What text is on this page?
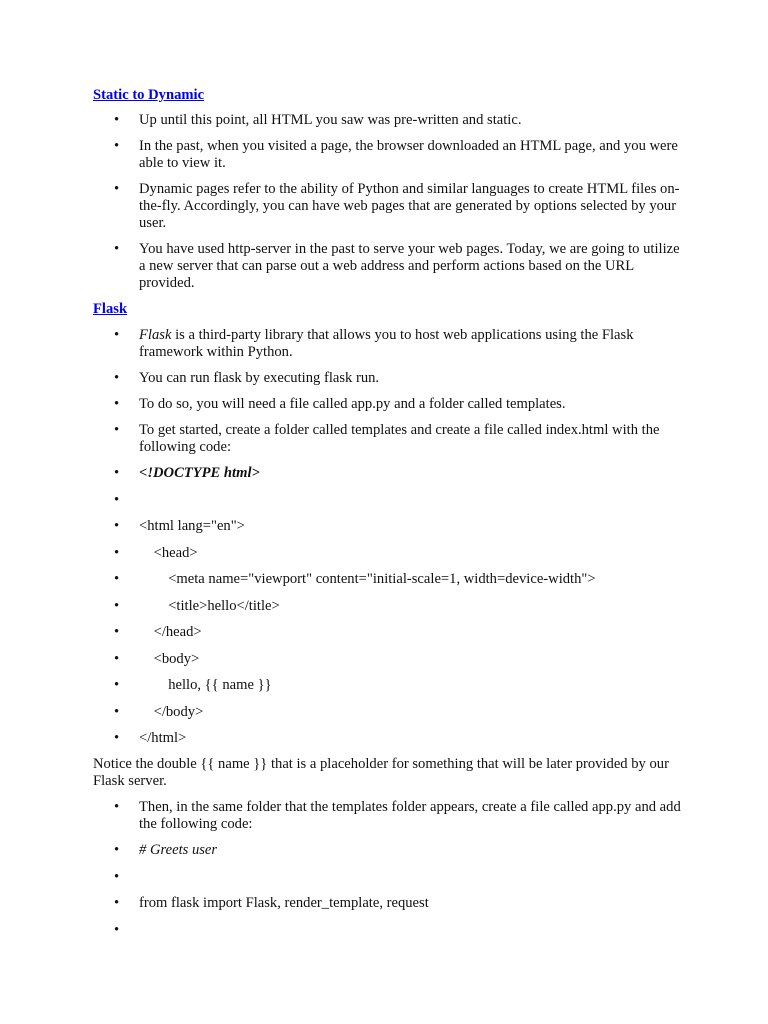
Static to Dynamic
• Up until this point, all HTML you saw was pre-written and static.
• In the past, when you visited a page, the browser downloaded an HTML page, and you were able to view it.
• Dynamic pages refer to the ability of Python and similar languages to create HTML files on-the-fly. Accordingly, you can have web pages that are generated by options selected by your user.
• You have used http-server in the past to serve your web pages. Today, we are going to utilize a new server that can parse out a web address and perform actions based on the URL provided.
Flask
• Flask is a third-party library that allows you to host web applications using the Flask framework within Python.
• You can run flask by executing flask run.
• To do so, you will need a file called app.py and a folder called templates.
• To get started, create a folder called templates and create a file called index.html with the following code:
• <!DOCTYPE html>
•
• <html lang="en">
• <head>
• <meta name="viewport" content="initial-scale=1, width=device-width">
• <title>hello</title>
• </head>
• <body>
• hello, {{ name }}
• </body>
• </html>

Notice the double {{ name }} that is a placeholder for something that will be later provided by our Flask server.

• Then, in the same folder that the templates folder appears, create a file called app.py and add the following code:
• # Greets user
•
• from flask import Flask, render_template, request
•
